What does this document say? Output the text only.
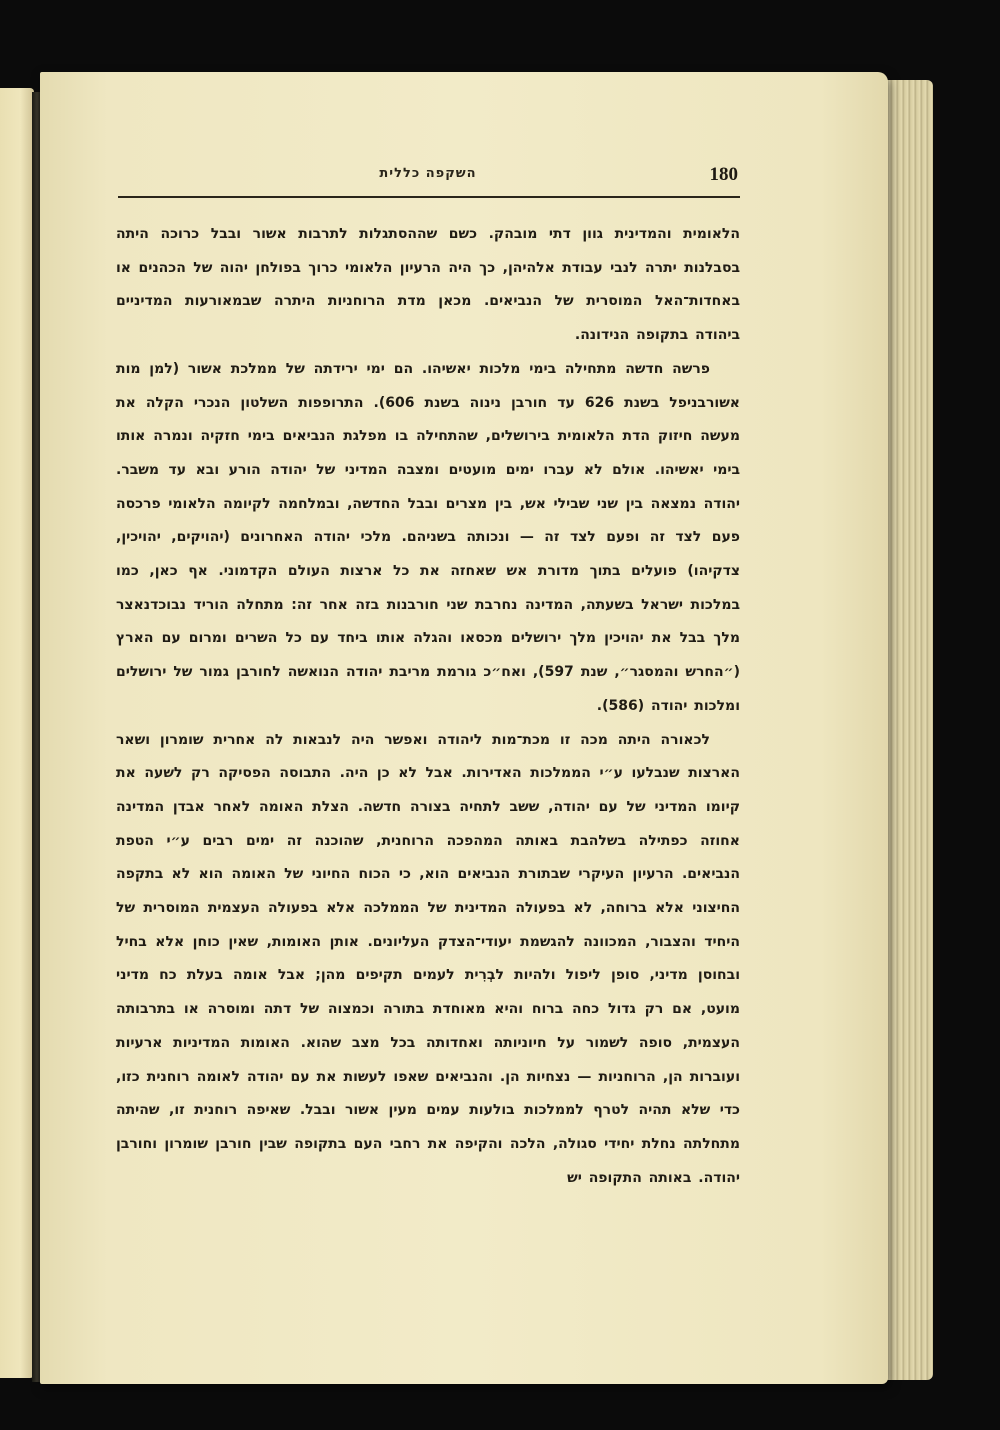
השקפה כללית	180

הלאומית והמדינית גוון דתי מובהק. כשם שההסתגלות לתרבות אשור ובבל כרוכה היתה בסבלנות יתרה לנבי עבודת אלהיהן, כך היה הרעיון הלאומי כרוך בפולחן יהוה של הכהנים או באחדות־האל המוסרית של הנביאים. מכאן מדת הרוחניות היתרה שבמאורעות המדיניים ביהודה בתקופה הנידונה.

פרשה חדשה מתחילה בימי מלכות יאשיהו. הם ימי ירידתה של ממלכת אשור (למן מות אשורבניפל בשנת 626 עד חורבן נינוה בשנת 606). התרופפות השלטון הנכרי הקלה את מעשה חיזוק הדת הלאומית בירושלים, שהתחילה בו מפלגת הנביאים בימי חזקיה ונמרה אותו בימי יאשיהו. אולם לא עברו ימים מועטים ומצבה המדיני של יהודה הורע ובא עד משבר. יהודה נמצאה בין שני שבילי אש, בין מצרים ובבל החדשה, ובמלחמה לקיומה הלאומי פרכסה פעם לצד זה ופעם לצד זה — ונכותה בשניהם. מלכי יהודה האחרונים (יהויקים, יהויכין, צדקיהו) פועלים בתוך מדורת אש שאחזה את כל ארצות העולם הקדמוני. אף כאן, כמו במלכות ישראל בשעתה, המדינה נחרבת שני חורבנות בזה אחר זה: מתחלה הוריד נבוכדנאצר מלך בבל את יהויכין מלך ירושלים מכסאו והגלה אותו ביחד עם כל השרים ומרום עם הארץ (״החרש והמסגר״, שנת 597), ואח״כ גורמת מריבת יהודה הנואשה לחורבן גמור של ירושלים ומלכות יהודה (586).

לכאורה היתה מכה זו מכת־מות ליהודה ואפשר היה לנבאות לה אחרית שומרון ושאר הארצות שנבלעו ע״י הממלכות האדירות. אבל לא כן היה. התבוסה הפסיקה רק לשעה את קיומו המדיני של עם יהודה, ששב לתחיה בצורה חדשה. הצלת האומה לאחר אבדן המדינה אחוזה כפתילה בשלהבת באותה המהפכה הרוחנית, שהוכנה זה ימים רבים ע״י הטפת הנביאים. הרעיון העיקרי שבתורת הנביאים הוא, כי הכוח החיוני של האומה הוא לא בתקפה החיצוני אלא ברוחה, לא בפעולה המדינית של הממלכה אלא בפעולה העצמית המוסרית של היחיד והצבור, המכוונה להגשמת יעודי־הצדק העליונים. אותן האומות, שאין כוחן אלא בחיל ובחוסן מדיני, סופן ליפול ולהיות לבְרִית לעמים תקיפים מהן; אבל אומה בעלת כח מדיני מועט, אם רק גדול כחה ברוח והיא מאוחדת בתורה וכמצוה של דתה ומוסרה או בתרבותה העצמית, סופה לשמור על חיוניותה ואחדותה בכל מצב שהוא. האומות המדיניות ארעיות ועוברות הן, הרוחניות — נצחיות הן. והנביאים שאפו לעשות את עם יהודה לאומה רוחנית כזו, כדי שלא תהיה לטרף לממלכות בולעות עמים מעין אשור ובבל. שאיפה רוחנית זו, שהיתה מתחלתה נחלת יחידי סגולה, הלכה והקיפה את רחבי העם בתקופה שבין חורבן שומרון וחורבן יהודה. באותה התקופה יש
